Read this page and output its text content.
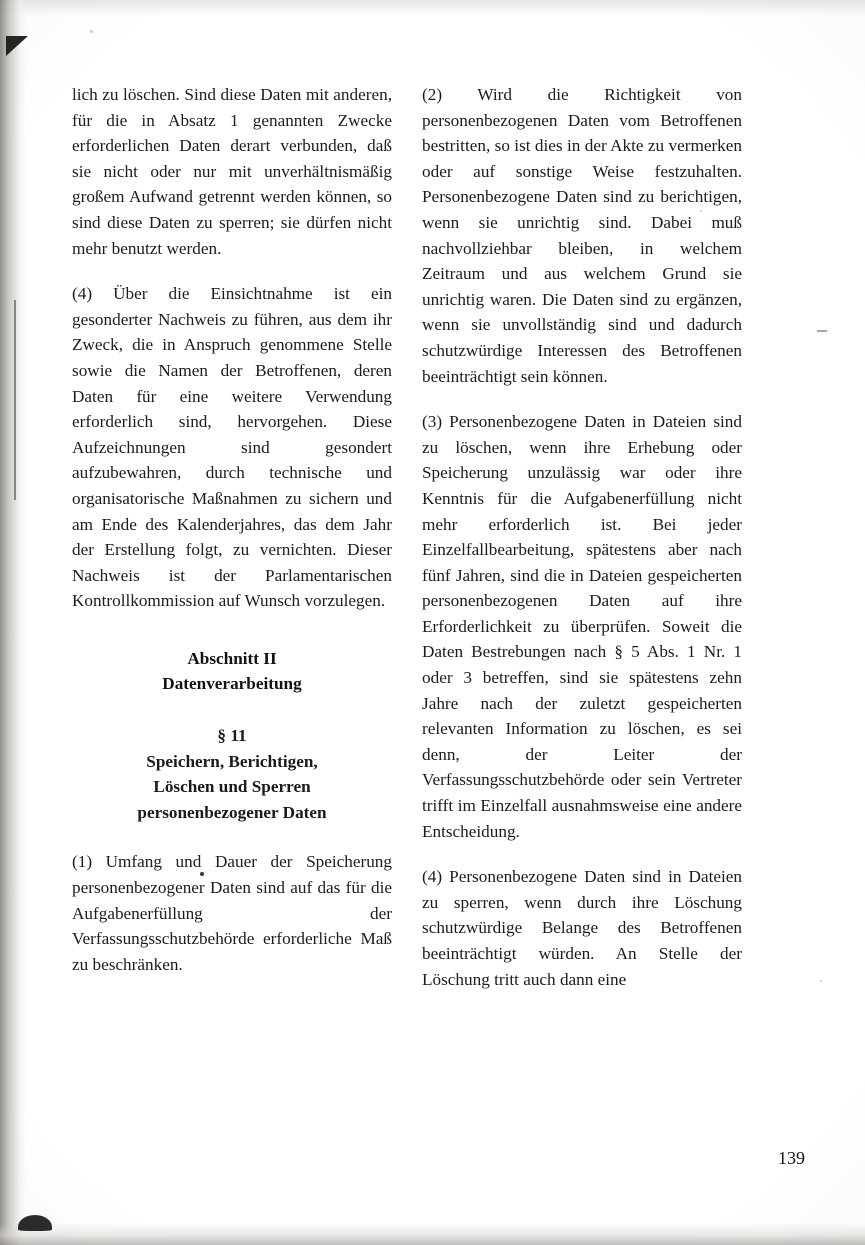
lich zu löschen. Sind diese Daten mit anderen, für die in Absatz 1 genannten Zwecke erforderlichen Daten derart verbunden, daß sie nicht oder nur mit unverhältnismäßig großem Aufwand getrennt werden können, so sind diese Daten zu sperren; sie dürfen nicht mehr benutzt werden.

(4) Über die Einsichtnahme ist ein gesonderter Nachweis zu führen, aus dem ihr Zweck, die in Anspruch genommene Stelle sowie die Namen der Betroffenen, deren Daten für eine weitere Verwendung erforderlich sind, hervorgehen. Diese Aufzeichnungen sind gesondert aufzubewahren, durch technische und organisatorische Maßnahmen zu sichern und am Ende des Kalenderjahres, das dem Jahr der Erstellung folgt, zu vernichten. Dieser Nachweis ist der Parlamentarischen Kontrollkommission auf Wunsch vorzulegen.

Abschnitt II
Datenverarbeitung
§ 11
Speichern, Berichtigen,
Löschen und Sperren
personenbezogener Daten

(1) Umfang und Dauer der Speicherung personenbezogener Daten sind auf das für die Aufgabenerfüllung der Verfassungsschutzbehörde erforderliche Maß zu beschränken.

(2) Wird die Richtigkeit von personenbezogenen Daten vom Betroffenen bestritten, so ist dies in der Akte zu vermerken oder auf sonstige Weise festzuhalten. Personenbezogene Daten sind zu berichtigen, wenn sie unrichtig sind. Dabei muß nachvollziehbar bleiben, in welchem Zeitraum und aus welchem Grund sie unrichtig waren. Die Daten sind zu ergänzen, wenn sie unvollständig sind und dadurch schutzwürdige Interessen des Betroffenen beeinträchtigt sein können.

(3) Personenbezogene Daten in Dateien sind zu löschen, wenn ihre Erhebung oder Speicherung unzulässig war oder ihre Kenntnis für die Aufgabenerfüllung nicht mehr erforderlich ist. Bei jeder Einzelfallbearbeitung, spätestens aber nach fünf Jahren, sind die in Dateien gespeicherten personenbezogenen Daten auf ihre Erforderlichkeit zu überprüfen. Soweit die Daten Bestrebungen nach § 5 Abs. 1 Nr. 1 oder 3 betreffen, sind sie spätestens zehn Jahre nach der zuletzt gespeicherten relevanten Information zu löschen, es sei denn, der Leiter der Verfassungsschutzbehörde oder sein Vertreter trifft im Einzelfall ausnahmsweise eine andere Entscheidung.

(4) Personenbezogene Daten sind in Dateien zu sperren, wenn durch ihre Löschung schutzwürdige Belange des Betroffenen beeinträchtigt würden. An Stelle der Löschung tritt auch dann eine

139
